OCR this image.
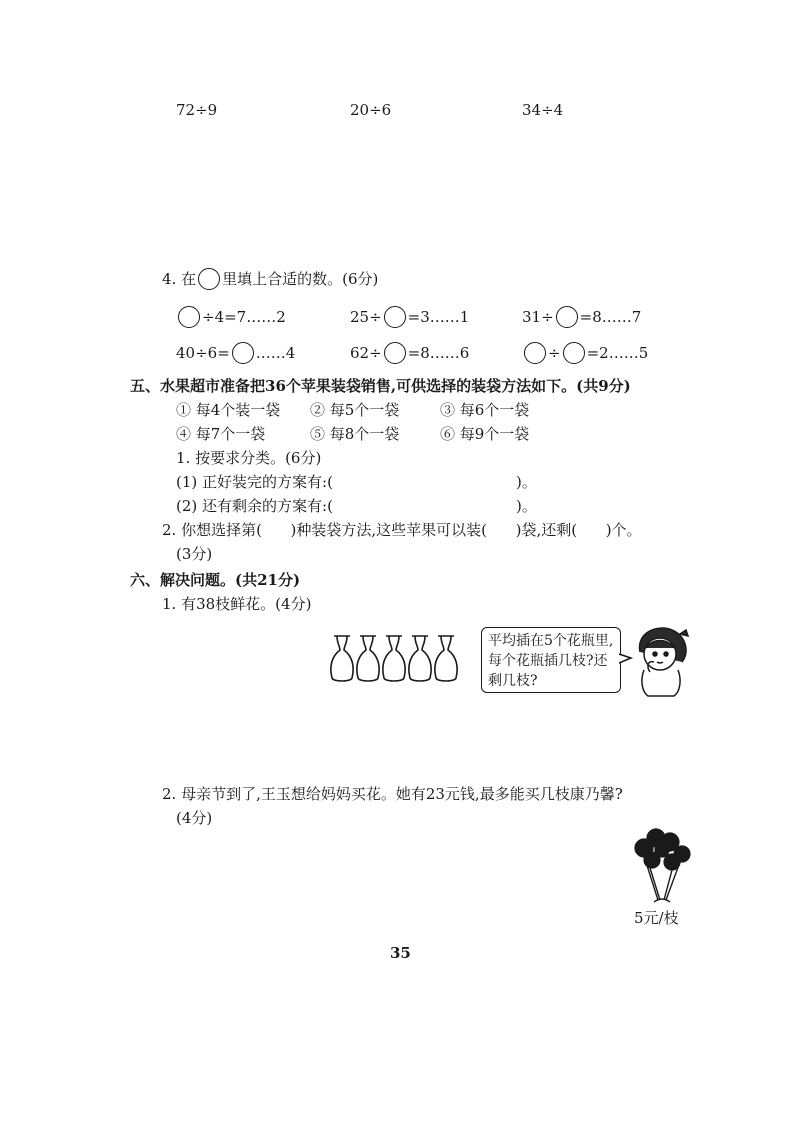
72÷9	20÷6	34÷4
4. 在 里填上合适的数。(6分)
÷4=7……2	25÷ =3……1	31÷ =8……7
40÷6= ……4	62÷ =8……6	÷ =2……5
五、水果超市准备把36个苹果装袋销售,可供选择的装袋方法如下。(共9分)
① 每4个装一袋 ② 每5个一袋	③ 每6个一袋
④ 每7个一袋	⑤ 每8个一袋	⑥ 每9个一袋
1. 按要求分类。(6分)
(1) 正好装完的方案有:(	)。
(2) 还有剩余的方案有:(	)。
2. 你想选择第(      )种装袋方法,这些苹果可以装(      )袋,还剩(      )个。
(3分)
六、解决问题。(共21分)
1. 有38枝鲜花。(4分)
平均插在5个花瓶里,每个花瓶插几枝?还剩几枝?
2. 母亲节到了,王玉想给妈妈买花。她有23元钱,最多能买几枝康乃馨?
(4分)
5元/枝
35
